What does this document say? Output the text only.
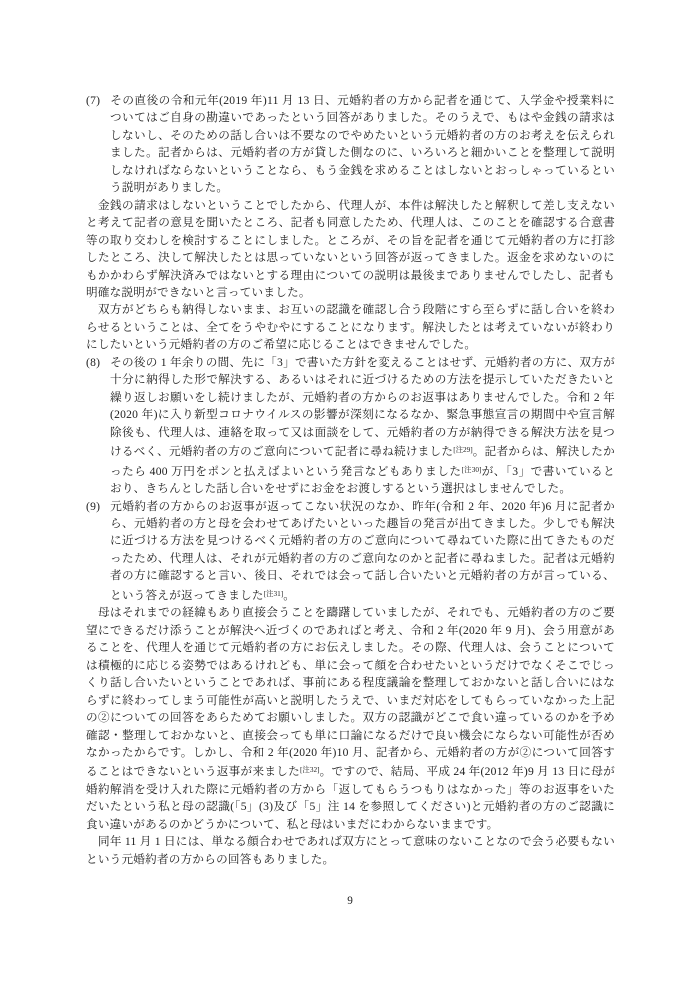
(7) その直後の令和元年(2019 年)11 月 13 日、元婚約者の方から記者を通じて、入学金や授業料についてはご自身の勘違いであったという回答がありました。そのうえで、もはや金銭の請求はしないし、そのための話し合いは不要なのでやめたいという元婚約者の方のお考えを伝えられました。記者からは、元婚約者の方が貸した側なのに、いろいろと細かいことを整理して説明しなければならないということなら、もう金銭を求めることはしないとおっしゃっているという説明がありました。

金銭の請求はしないということでしたから、代理人が、本件は解決したと解釈して差し支えないと考えて記者の意見を聞いたところ、記者も同意したため、代理人は、このことを確認する合意書等の取り交わしを検討することにしました。ところが、その旨を記者を通じて元婚約者の方に打診したところ、決して解決したとは思っていないという回答が返ってきました。返金を求めないのにもかかわらず解決済みではないとする理由についての説明は最後までありませんでしたし、記者も明確な説明ができないと言っていました。

双方がどちらも納得しないまま、お互いの認識を確認し合う段階にすら至らずに話し合いを終わらせるということは、全てをうやむやにすることになります。解決したとは考えていないが終わりにしたいという元婚約者の方のご希望に応じることはできませんでした。

(8) その後の 1 年余りの間、先に「3」で書いた方針を変えることはせず、元婚約者の方に、双方が十分に納得した形で解決する、あるいはそれに近づけるための方法を提示していただきたいと繰り返しお願いをし続けましたが、元婚約者の方からのお返事はありませんでした。令和 2 年(2020 年)に入り新型コロナウイルスの影響が深刻になるなか、緊急事態宣言の期間中や宣言解除後も、代理人は、連絡を取って又は面談をして、元婚約者の方が納得できる解決方法を見つけるべく、元婚約者の方のご意向について記者に尋ね続けました[注29]。記者からは、解決したかったら 400 万円をポンと払えばよいという発言などもありました[注30]が、「3」で書いているとおり、きちんとした話し合いをせずにお金をお渡しするという選択はしませんでした。

(9) 元婚約者の方からのお返事が返ってこない状況のなか、昨年(令和 2 年、2020 年)6 月に記者から、元婚約者の方と母を会わせてあげたいといった趣旨の発言が出てきました。少しでも解決に近づける方法を見つけるべく元婚約者の方のご意向について尋ねていた際に出てきたものだったため、代理人は、それが元婚約者の方のご意向なのかと記者に尋ねました。記者は元婚約者の方に確認すると言い、後日、それでは会って話し合いたいと元婚約者の方が言っている、という答えが返ってきました[注31]。

母はそれまでの経緯もあり直接会うことを躊躇していましたが、それでも、元婚約者の方のご要望にできるだけ添うことが解決へ近づくのであればと考え、令和 2 年(2020 年 9 月)、会う用意があることを、代理人を通じて元婚約者の方にお伝えしました。その際、代理人は、会うことについては積極的に応じる姿勢ではあるけれども、単に会って顔を合わせたいというだけでなくそこでじっくり話し合いたいということであれば、事前にある程度議論を整理しておかないと話し合いにはならずに終わってしまう可能性が高いと説明したうえで、いまだ対応をしてもらっていなかった上記の②についての回答をあらためてお願いしました。双方の認識がどこで食い違っているのかを予め確認・整理しておかないと、直接会っても単に口論になるだけで良い機会にならない可能性が否めなかったからです。しかし、令和 2 年(2020 年)10 月、記者から、元婚約者の方が②について回答することはできないという返事が来ました[注32]。ですので、結局、平成 24 年(2012 年)9 月 13 日に母が婚約解消を受け入れた際に元婚約者の方から「返してもらうつもりはなかった」等のお返事をいただいたという私と母の認識(「5」(3)及び「5」注 14 を参照してください)と元婚約者の方のご認識に食い違いがあるのかどうかについて、私と母はいまだにわからないままです。

同年 11 月 1 日には、単なる顔合わせであれば双方にとって意味のないことなので会う必要もないという元婚約者の方からの回答もありました。

9
